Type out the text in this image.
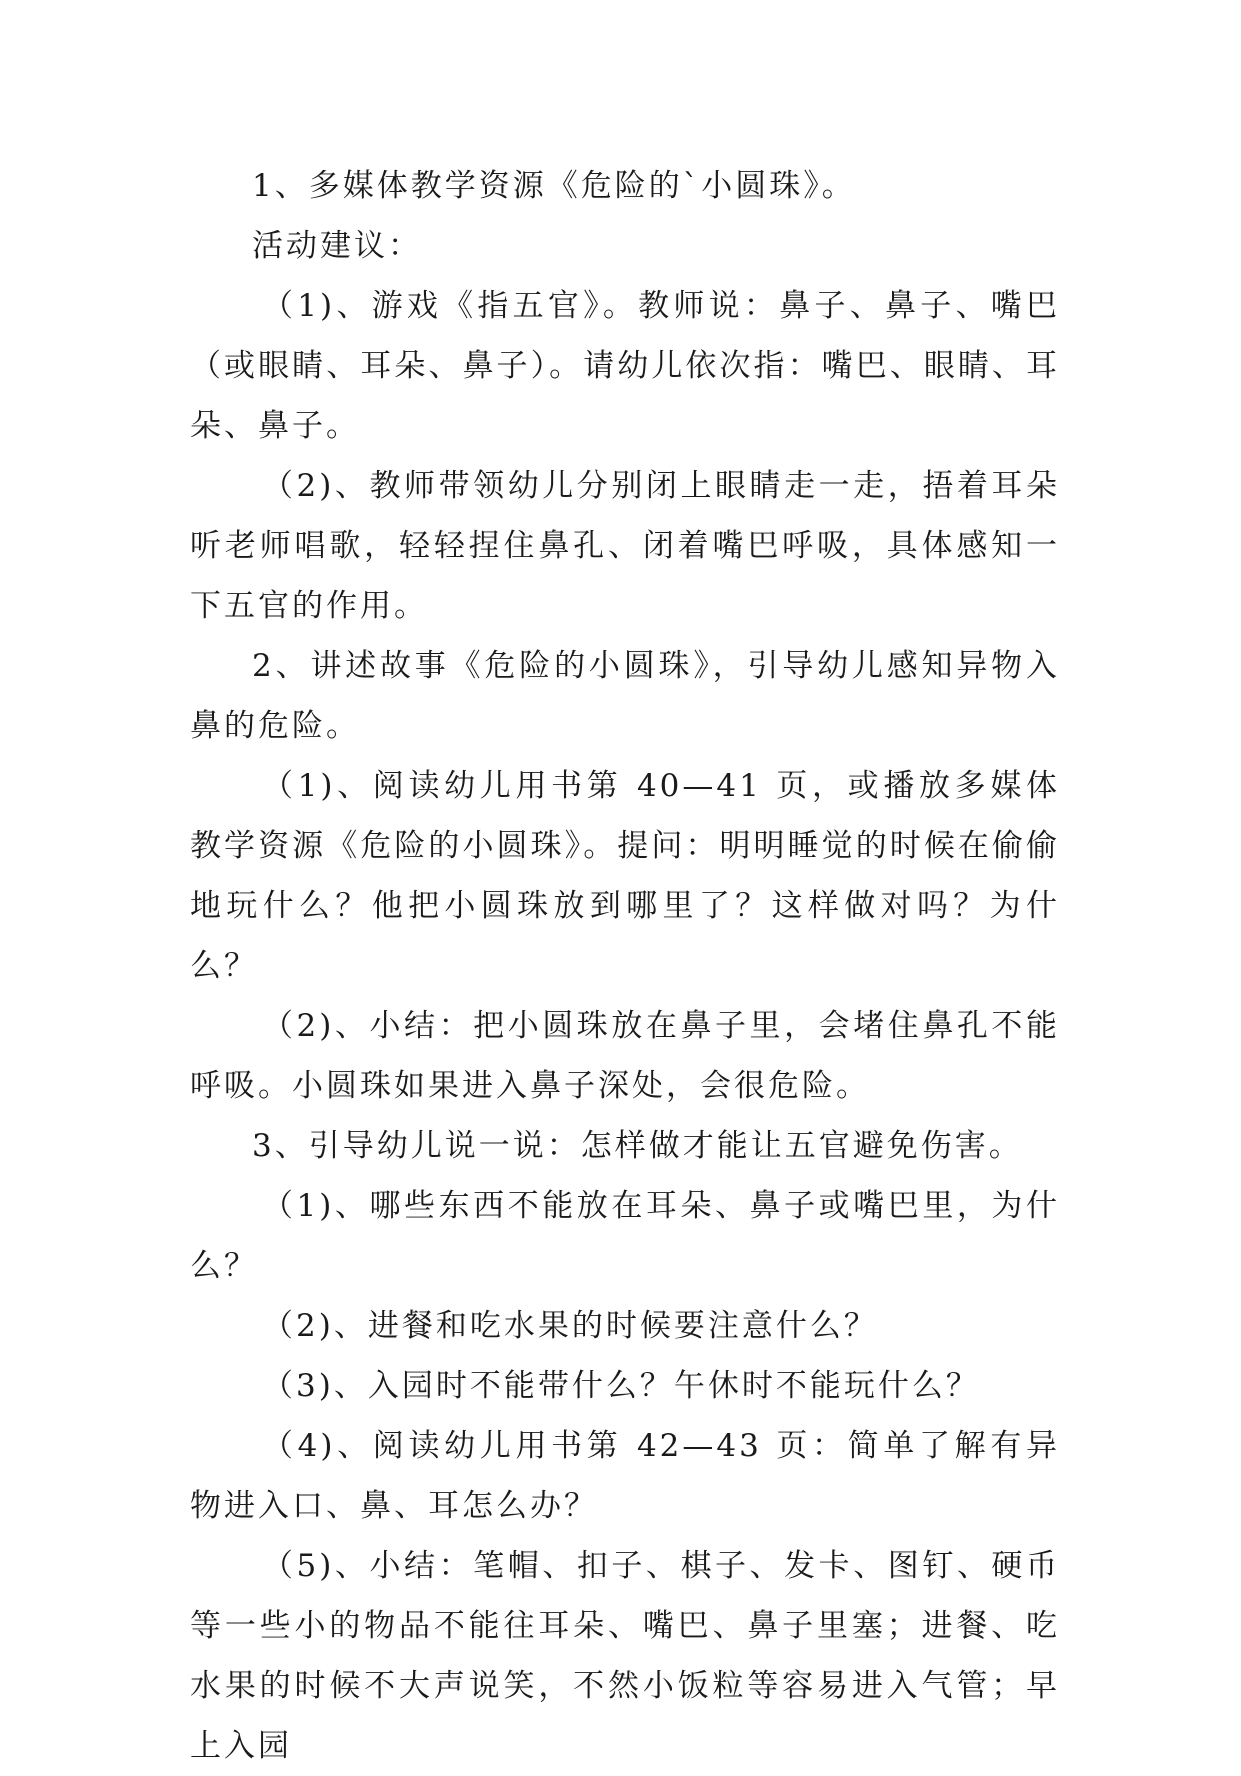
1、多媒体教学资源《危险的`小圆珠》。

活动建议：

（1)、游戏《指五官》。教师说：鼻子、鼻子、嘴巴（或眼睛、耳朵、鼻子）。请幼儿依次指：嘴巴、眼睛、耳朵、鼻子。

（2)、教师带领幼儿分别闭上眼睛走一走，捂着耳朵听老师唱歌，轻轻捏住鼻孔、闭着嘴巴呼吸，具体感知一下五官的作用。

2、讲述故事《危险的小圆珠》，引导幼儿感知异物入鼻的危险。

（1)、阅读幼儿用书第 40—41 页，或播放多媒体教学资源《危险的小圆珠》。提问：明明睡觉的时候在偷偷地玩什么？他把小圆珠放到哪里了？这样做对吗？为什么？

（2)、小结：把小圆珠放在鼻子里，会堵住鼻孔不能呼吸。小圆珠如果进入鼻子深处，会很危险。

3、引导幼儿说一说：怎样做才能让五官避免伤害。

（1)、哪些东西不能放在耳朵、鼻子或嘴巴里，为什么？

（2)、进餐和吃水果的时候要注意什么？

（3)、入园时不能带什么？午休时不能玩什么？

（4)、阅读幼儿用书第 42—43 页：简单了解有异物进入口、鼻、耳怎么办？

（5)、小结：笔帽、扣子、棋子、发卡、图钉、硬币等一些小的物品不能往耳朵、嘴巴、鼻子里塞；进餐、吃水果的时候不大声说笑，不然小饭粒等容易进入气管；早上入园
